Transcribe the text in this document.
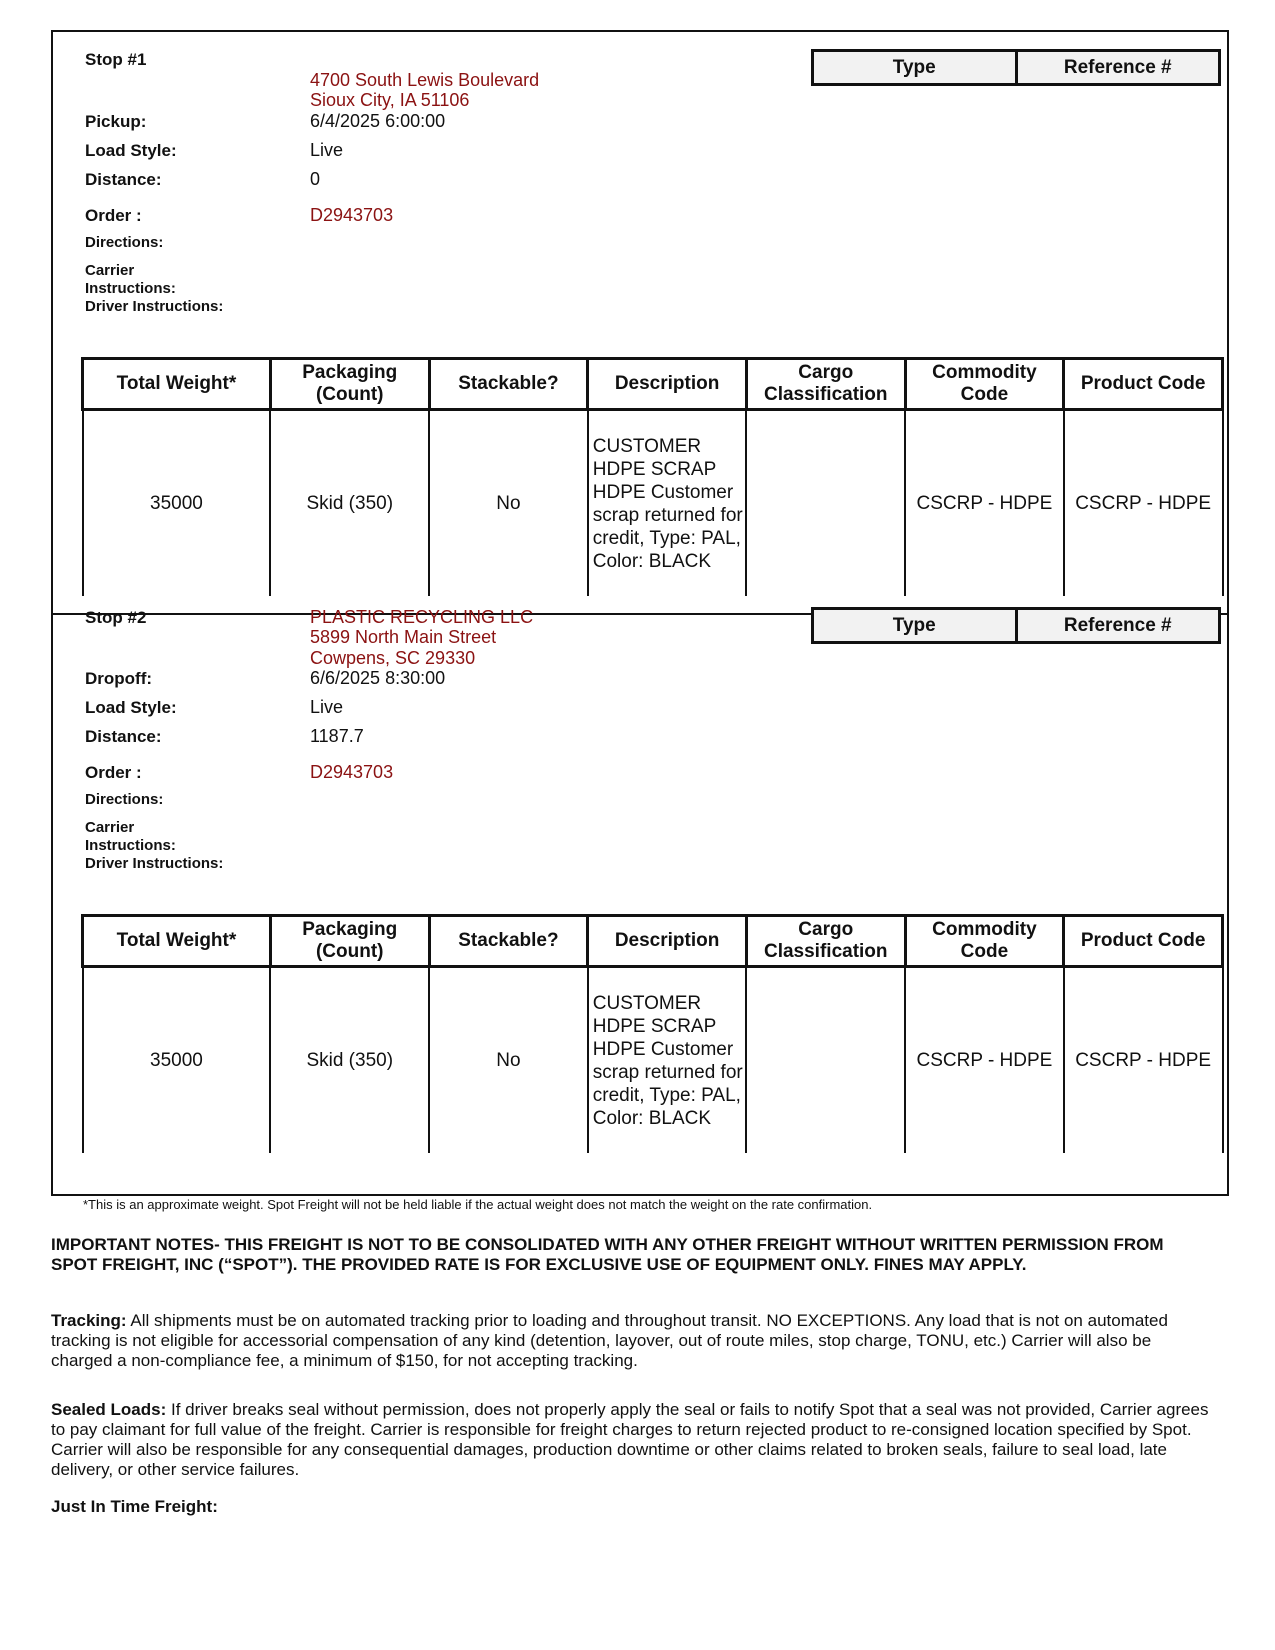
Stop #1
4700 South Lewis Boulevard
Sioux City, IA 51106
Pickup:	6/4/2025 6:00:00
Load Style:	Live
Distance:	0
Order :	D2943703
Directions:
Carrier
Instructions:
Driver Instructions:
Type	Reference #
Total Weight*	Packaging (Count)	Stackable?	Description	Cargo Classification	Commodity Code	Product Code
35000	Skid (350)	No	CUSTOMER HDPE SCRAP HDPE Customer scrap returned for credit, Type: PAL, Color: BLACK		CSCRP - HDPE	CSCRP - HDPE
Stop #2	PLASTIC RECYCLING LLC
5899 North Main Street
Cowpens, SC 29330
Dropoff:	6/6/2025 8:30:00
Load Style:	Live
Distance:	1187.7
Order :	D2943703
Directions:
Carrier
Instructions:
Driver Instructions:
Type	Reference #
Total Weight*	Packaging (Count)	Stackable?	Description	Cargo Classification	Commodity Code	Product Code
35000	Skid (350)	No	CUSTOMER HDPE SCRAP HDPE Customer scrap returned for credit, Type: PAL, Color: BLACK		CSCRP - HDPE	CSCRP - HDPE
*This is an approximate weight. Spot Freight will not be held liable if the actual weight does not match the weight on the rate confirmation.
IMPORTANT NOTES- THIS FREIGHT IS NOT TO BE CONSOLIDATED WITH ANY OTHER FREIGHT WITHOUT WRITTEN PERMISSION FROM SPOT FREIGHT, INC (“SPOT”). THE PROVIDED RATE IS FOR EXCLUSIVE USE OF EQUIPMENT ONLY. FINES MAY APPLY.
Tracking: All shipments must be on automated tracking prior to loading and throughout transit. NO EXCEPTIONS. Any load that is not on automated tracking is not eligible for accessorial compensation of any kind (detention, layover, out of route miles, stop charge, TONU, etc.) Carrier will also be charged a non-compliance fee, a minimum of $150, for not accepting tracking.
Sealed Loads: If driver breaks seal without permission, does not properly apply the seal or fails to notify Spot that a seal was not provided, Carrier agrees to pay claimant for full value of the freight. Carrier is responsible for freight charges to return rejected product to re-consigned location specified by Spot. Carrier will also be responsible for any consequential damages, production downtime or other claims related to broken seals, failure to seal load, late delivery, or other service failures.
Just In Time Freight:
